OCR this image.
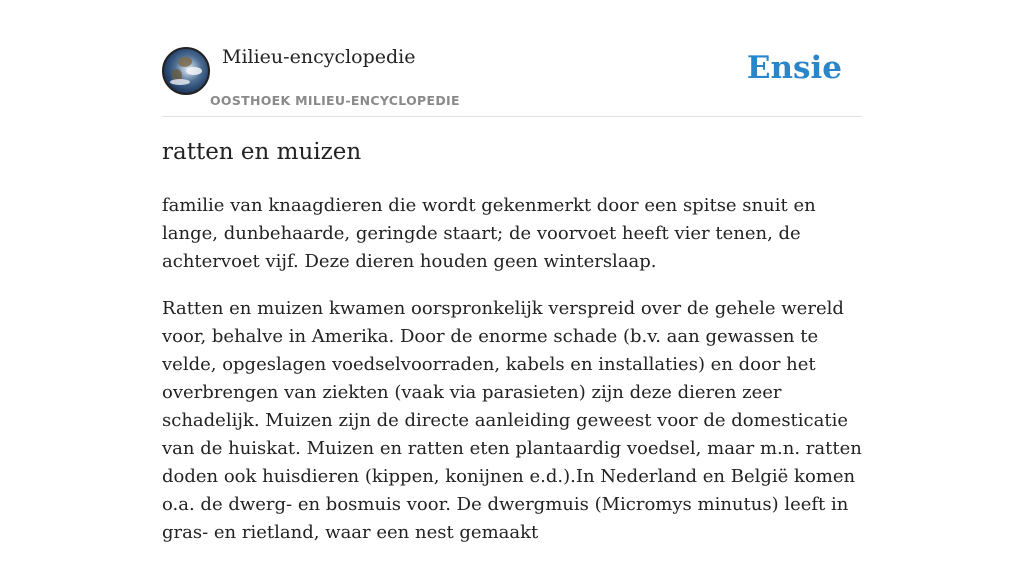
Milieu-encyclopedie
OOSTHOEK MILIEU-ENCYCLOPEDIE
Ensie
ratten en muizen

familie van knaagdieren die wordt gekenmerkt door een spitse snuit en lange, dunbehaarde, geringde staart; de voorvoet heeft vier tenen, de achtervoet vijf. Deze dieren houden geen winterslaap.

Ratten en muizen kwamen oorspronkelijk verspreid over de gehele wereld voor, behalve in Amerika. Door de enorme schade (b.v. aan gewassen te velde, opgeslagen voedselvoorraden, kabels en installaties) en door het overbrengen van ziekten (vaak via parasieten) zijn deze dieren zeer schadelijk. Muizen zijn de directe aanleiding geweest voor de domesticatie van de huiskat. Muizen en ratten eten plantaardig voedsel, maar m.n. ratten doden ook huisdieren (kippen, konijnen e.d.).In Nederland en België komen o.a. de dwerg- en bosmuis voor. De dwergmuis (Micromys minutus) leeft in gras- en rietland, waar een nest gemaakt
